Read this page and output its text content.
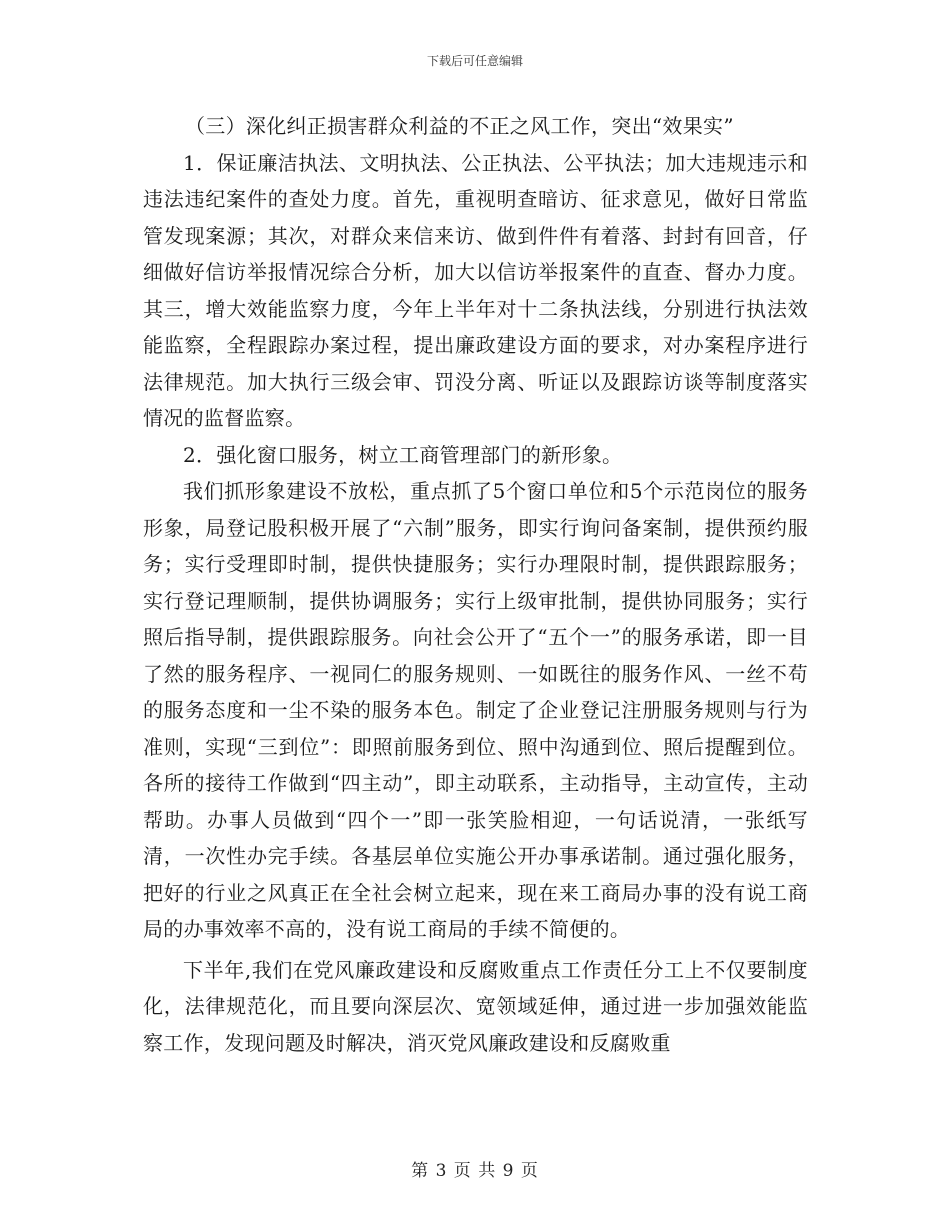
下载后可任意编辑

（三）深化纠正损害群众利益的不正之风工作，突出“效果实”

1．保证廉洁执法、文明执法、公正执法、公平执法；加大违规违示和违法违纪案件的查处力度。首先，重视明查暗访、征求意见，做好日常监管发现案源；其次，对群众来信来访、做到件件有着落、封封有回音，仔细做好信访举报情况综合分析，加大以信访举报案件的直查、督办力度。其三，增大效能监察力度，今年上半年对十二条执法线，分别进行执法效能监察，全程跟踪办案过程，提出廉政建设方面的要求，对办案程序进行法律规范。加大执行三级会审、罚没分离、听证以及跟踪访谈等制度落实情况的监督监察。

2．强化窗口服务，树立工商管理部门的新形象。

我们抓形象建设不放松，重点抓了5个窗口单位和5个示范岗位的服务形象，局登记股积极开展了“六制”服务，即实行询问备案制，提供预约服务；实行受理即时制，提供快捷服务；实行办理限时制，提供跟踪服务；实行登记理顺制，提供协调服务；实行上级审批制，提供协同服务；实行照后指导制，提供跟踪服务。向社会公开了“五个一”的服务承诺，即一目了然的服务程序、一视同仁的服务规则、一如既往的服务作风、一丝不苟的服务态度和一尘不染的服务本色。制定了企业登记注册服务规则与行为准则，实现“三到位”：即照前服务到位、照中沟通到位、照后提醒到位。各所的接待工作做到“四主动”，即主动联系，主动指导，主动宣传，主动帮助。办事人员做到“四个一”即一张笑脸相迎，一句话说清，一张纸写清，一次性办完手续。各基层单位实施公开办事承诺制。通过强化服务，把好的行业之风真正在全社会树立起来，现在来工商局办事的没有说工商局的办事效率不高的，没有说工商局的手续不简便的。

下半年,我们在党风廉政建设和反腐败重点工作责任分工上不仅要制度化，法律规范化，而且要向深层次、宽领域延伸，通过进一步加强效能监察工作，发现问题及时解决，消灭党风廉政建设和反腐败重

第 3 页 共 9 页
